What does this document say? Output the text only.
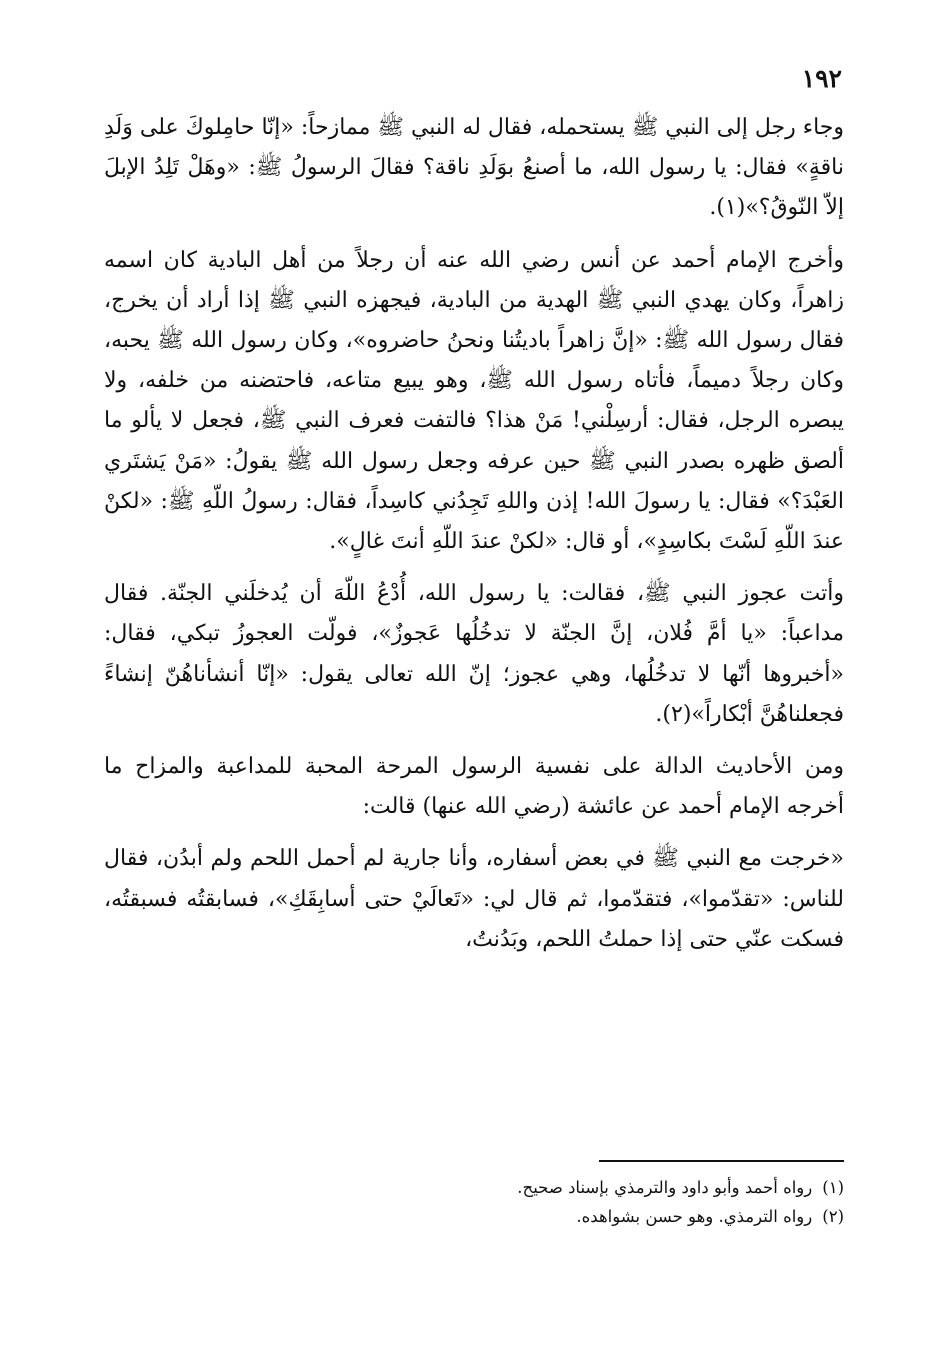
١٩٢

وجاء رجل إلى النبي ﷺ يستحمله، فقال له النبي ﷺ ممازحاً: «إنّا حامِلوكَ على وَلَدِ ناقةٍ» فقال: يا رسول الله، ما أصنعُ بوَلَدِ ناقة؟ فقالَ الرسولُ ﷺ: «وهَلْ تَلِدُ الإبلَ إلاّ النّوقُ؟»(١).

وأخرج الإمام أحمد عن أنس رضي الله عنه أن رجلاً من أهل البادية كان اسمه زاهراً، وكان يهدي النبي ﷺ الهدية من البادية، فيجهزه النبي ﷺ إذا أراد أن يخرج، فقال رسول الله ﷺ: «إنَّ زاهراً باديتُنا ونحنُ حاضروه»، وكان رسول الله ﷺ يحبه، وكان رجلاً دميماً، فأتاه رسول الله ﷺ، وهو يبيع متاعه، فاحتضنه من خلفه، ولا يبصره الرجل، فقال: أرسِلْني! مَنْ هذا؟ فالتفت فعرف النبي ﷺ، فجعل لا يألو ما ألصق ظهره بصدر النبي ﷺ حين عرفه وجعل رسول الله ﷺ يقولُ: «مَنْ يَشتَري العَبْدَ؟» فقال: يا رسولَ الله! إذن واللهِ تَجِدُني كاسِداً، فقال: رسولُ اللّهِ ﷺ: «لكنْ عندَ اللّهِ لَسْتَ بكاسِدٍ»، أو قال: «لكنْ عندَ اللّهِ أنتَ غالٍ».

وأتت عجوز النبي ﷺ، فقالت: يا رسول الله، أُدْعُ اللّهَ أن يُدخلَني الجنّة. فقال مداعباً: «يا أمَّ فُلان، إنَّ الجنّة لا تدخُلُها عَجوزٌ»، فولّت العجوزُ تبكي، فقال: «أخبروها أنّها لا تدخُلُها، وهي عجوز؛ إنّ الله تعالى يقول: «إنّا أنشأناهُنّ إنشاءً فجعلناهُنَّ أبْكاراً»(٢).

ومن الأحاديث الدالة على نفسية الرسول المرحة المحبة للمداعبة والمزاح ما أخرجه الإمام أحمد عن عائشة (رضي الله عنها) قالت:

«خرجت مع النبي ﷺ في بعض أسفاره، وأنا جارية لم أحمل اللحم ولم أبدُن، فقال للناس: «تقدّموا»، فتقدّموا، ثم قال لي: «تَعالَيْ حتى أسابِقَكِ»، فسابقتُه فسبقتُه، فسكت عنّي حتى إذا حملتُ اللحم، وبَدُنتُ،

(١)رواه أحمد وأبو داود والترمذي بإسناد صحيح.

(٢)رواه الترمذي. وهو حسن بشواهده.
